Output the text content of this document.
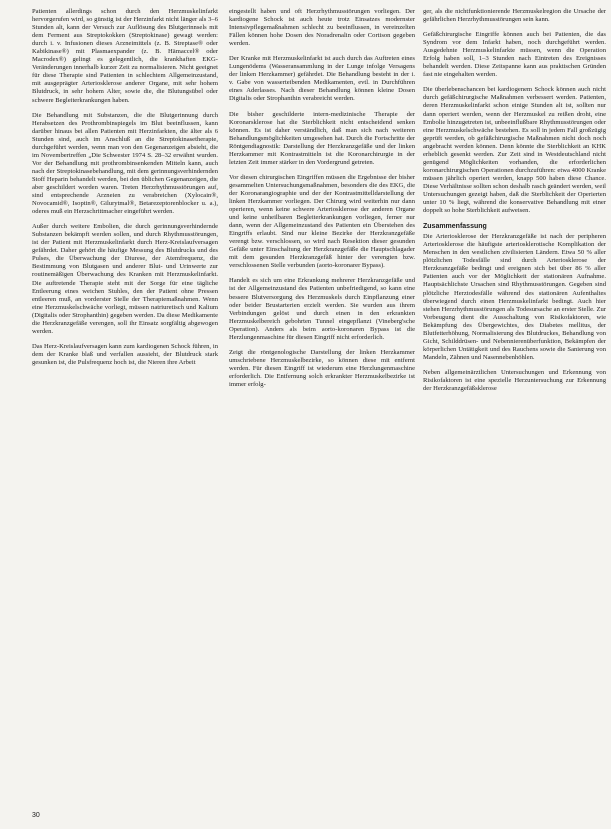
Patienten allerdings schon durch den Herzmuskelinfarkt hervorgerufen wird, so günstig ist der Herzinfarkt nicht länger als 3–6 Stunden alt, kann der Versuch zur Auflösung des Blutgerinnsels mit dem Ferment aus Streptokokken (Streptokinase) gewagt werden: durch i. v. Infusionen dieses Arzneimittels (z. B. Streptase® oder Kabikinase®) mit Plasmaexpander (z. B. Hämaccel® oder Macrodex®) gelingt es gelegentlich, die krankhaften EKG-Veränderungen innerhalb kurzer Zeit zu normalisieren. Nicht geeignet für diese Therapie sind Patienten in schlechtem Allgemeinzustand, mit ausgeprägter Arteriosklerose anderer Organe, mit sehr hohem Blutdruck, in sehr hohem Alter, sowie die, die Blutungsübel oder schwere Begleiterkrankungen haben.

Die Behandlung mit Substanzen, die die Blutgerinnung durch Herabsetzen des Prothrombinspiegels im Blut beeinflussen, kann darüber hinaus bei allen Patienten mit Herzinfarkten, die älter als 6 Stunden sind, auch im Anschluß an die Streptokinasetherapie, durchgeführt werden, wenn man von den Gegenanzeigen absieht, die im Novembertreffen „Die Schwester 1974 S. 28–32 erwähnt wurden. Vor der Behandlung mit prothrombinsenkenden Mitteln kann, auch nach der Streptokinasebehandlung, mit dem gerinnungsverhindernden Stoff Heparin behandelt werden, bei den üblichen Gegenanzeigen, die aber geschildert worden waren. Treten Herzrhythmusstörungen auf, sind entsprechende Arzneien zu verabreichen (Xylocain®, Novocamid®, Isoptin®, Gilurytmal®, Betarezeptorenblocker u. a.), oderes muß ein Herzschrittmacher eingeführt werden.

Außer durch weitere Embolien, die durch gerinnungsverhindernde Substanzen bekämpft werden sollen, und durch Rhythmusstörungen, ist der Patient mit Herzmuskelinfarkt durch Herz-Kreislaufversagen gefährdet. Daher gehört die häufige Messung des Blutdrucks und des Pulses, die Überwachung der Diurese, der Atemfrequenz, die Bestimmung von Blutgasen und anderer Blut- und Urinwerte zur routinemäßigen Überwachung des Kranken mit Herzmuskelinfarkt. Die auftretende Therapie steht mit der Sorge für eine tägliche Entleerung eines weichen Stuhles, den der Patient ohne Pressen entleeren muß, an vorderster Stelle der Therapiemaßnahmen. Wenn eine Herzmuskelschwäche vorliegt, müssen natriuretisch und Kalium (Digitalis oder Strophanthin) gegeben werden. Da diese Medikamente die Herzkranzgefäße verengen, soll ihr Einsatz sorgfältig abgewogen werden.

Das Herz-Kreislaufversagen kann zum kardiogenen Schock führen, in dem der Kranke blaß und verfallen aussieht, der Blutdruck stark gesunken ist, die Pulsfrequenz hoch ist, die Nieren ihre Arbeit

eingestellt haben und oft Herzrhythmusstörungen vorliegen. Der kardiogene Schock ist auch heute trotz Einsatzes modernster Intensivpflegemaßnahmen schlecht zu beeinflussen, in vereinzelten Fällen können hohe Dosen des Noradrenalin oder Cortison gegeben werden.

Der Kranke mit Herzmuskelinfarkt ist auch durch das Auftreten eines Lungenödems (Wasseransammlung in der Lunge infolge Versagens der linken Herzkammer) gefährdet. Die Behandlung besteht in der i. v. Gabe von wasserteibenden Medikamenten, evtl. in Durchführen eines Aderlasses. Nach dieser Behandlung können kleine Dosen Digitalis oder Strophanthin verabreicht werden.

Die bisher geschilderte intern-medizinische Therapie der Koronarsklerose hat die Sterblichkeit nicht entscheidend senken können. Es ist daher verständlich, daß man sich nach weiteren Behandlungsmöglichkeiten umgesehen hat. Durch die Fortschritte der Röntgendiagnostik: Darstellung der Herzkranzgefäße und der linken Herzkammer mit Kontrastmitteln ist die Koronarchirurgie in der letzten Zeit immer stärker in den Vordergrund getreten.

Vor diesen chirurgischen Eingriffen müssen die Ergebnisse der bisher gesammelten Untersuchungsmaßnahmen, besonders die des EKG, die der Koronarangiographie und der der Kontrastmittelldarstellung der linken Herzkammer vorliegen. Der Chirurg wird weiterhin nur dann operieren, wenn keine schwere Arteriosklerose der anderen Organe und keine unheilbaren Begleiterkrankungen vorliegen, ferner nur dann, wenn der Allgemeinzustand des Patienten ein Überstehen des Eingriffs erlaubt. Sind nur kleine Bezirke der Herzkranzgefäße verengt bzw. verschlossen, so wird nach Resektion dieser gesunden Gefäße unter Einschaltung der Herzkranzgefäße die Hauptschlagader mit dem gesunden Herzkranzgefäß hinter der verengten bzw. verschlossenen Stelle verbunden (aorto-koronarer Bypass).

Handelt es sich um eine Erkrankung mehrerer Herzkranzgefäße und ist der Allgemeinzustand des Patienten unbefriedigend, so kann eine bessere Blutversorgung des Herzmuskels durch Einpflanzung einer oder beider Brustarterien erzielt werden. Sie wurden aus ihrem Verbindungen gelöst und durch einen in den erkrankten Herzmuskelbereich gebohrten Tunnel eingepflanzt (Vineberg'sche Operation). Anders als beim aorto-koronaren Bypass ist die Herzlungenmaschine für diesen Eingriff nicht erforderlich.

Zeigt die röntgenologische Darstellung der linken Herzkammer umschriebene Herzmuskelbezirke, so können diese mit entfernt werden. Für diesen Eingriff ist wiederum eine Herzlungenmaschine erforderlich. Die Entfernung solch erkrankter Herzmuskelbezirke ist immer erfolg-

ger, als die nichtfunktionierende Herzmuskelregion die Ursache der gefährlichen Herzrhythmusstörungen sein kann.

Gefäßchirurgische Eingriffe können auch bei Patienten, die das Syndrom vor dem Infarkt haben, noch durchgeführt werden. Ausgedehnte Herzmuskelinfarkte müssen, wenn die Operation Erfolg haben soll, 1–3 Stunden nach Eintreten des Ereignisses behandelt werden. Diese Zeitspanne kann aus praktischen Gründen fast nie eingehalten werden.

Die überlebenschancen bei kardiogenem Schock können auch nicht durch gefäßchirurgische Maßnahmen verbessert werden. Patienten, deren Herzmuskelinfarkt schon einige Stunden alt ist, sollten nur dann operiert werden, wenn der Herzmuskel zu reißen droht, eine Embolie hinzugetreten ist, unbeeinflußbare Rhythmusstörungen oder eine Herzmuskelschwäche bestehen. Es soll in jedem Fall großzügig geprüft werden, ob gefäßchirurgische Maßnahmen nicht doch noch angebracht werden können. Denn könnte die Sterblichkeit an KHK erheblich gesenkt werden. Zur Zeit sind in Westdeutschland nicht genügend Möglichkeiten vorhanden, die erforderlichen koronarchirurgischen Operationen durchzuführen: etwa 4000 Kranke müssen jährlich operiert werden, knapp 500 haben diese Chance. Diese Verhältnisse sollten schon deshalb rasch geändert werden, weil Untersuchungen gezeigt haben, daß die Sterblichkeit der Operierten unter 10 % liegt, während die konservative Behandlung mit einer doppelt so hohe Sterblichkeit aufweisen.

Zusammenfassung

Die Arteriosklerose der Herzkranzgefäße ist nach der peripheren Arteriosklerose die häufigste arteriosklerotische Komplikation der Menschen in den westlichen zivilisierten Ländern. Etwa 50 % aller plötzlichen Todesfälle sind durch Arteriosklerose der Herzkranzgefäße bedingt und ereignen sich bei über 86 % aller Patienten auch vor der Möglichkeit der stationären Aufnahme. Hauptsächlichste Ursachen sind Rhythmusstörungen. Gegeben sind plötzliche Herztodesfälle während des stationären Aufenthaltes überwiegend durch einen Herzmuskelinfarkt bedingt. Auch hier stehen Herzrhythmusstörungen als Todesursache an erster Stelle. Zur Vorbeugung dient die Ausschaltung von Risikofaktoren, wie Bekämpfung des Übergewichtes, des Diabetes mellitus, der Blutfetterhöhung, Normalisierung des Blutdruckes, Behandlung von Gicht, Schilddrüsen- und Nebennierenüberfunktion, Bekämpfen der körperlichen Untätigkeit und des Rauchens sowie die Sanierung von Mandeln, Zähnen und Nasennebenhöhlen.

Neben allgemeinärztlichen Untersuchungen und Erkennung von Risikofaktoren ist eine spezielle Herzuntersuchung zur Erkennung der Herzkranzgefäßsklerose

30
